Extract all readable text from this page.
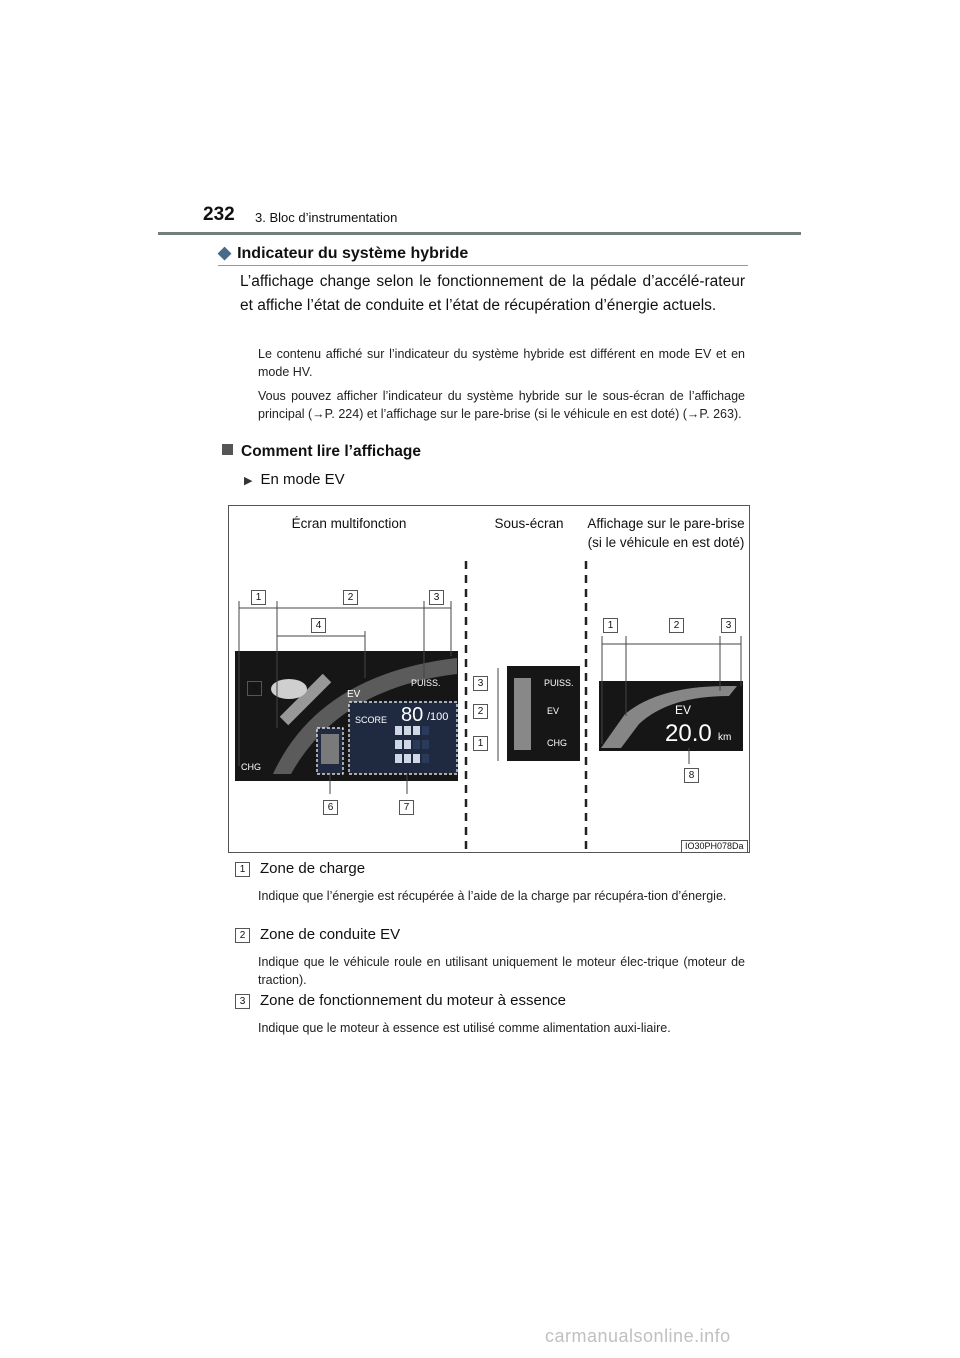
232 3. Bloc d’instrumentation
◆ Indicateur du système hybride
L’affichage change selon le fonctionnement de la pédale d’accélé-rateur et affiche l’état de conduite et l’état de récupération d’énergie actuels.
Le contenu affiché sur l’indicateur du système hybride est différent en mode EV et en mode HV.
Vous pouvez afficher l’indicateur du système hybride sur le sous-écran de l’affichage principal (→P. 224) et l’affichage sur le pare-brise (si le véhicule en est doté) (→P. 263).
Comment lire l’affichage
▶ En mode EV
Écran multifonction	Sous-écran	Affichage sur le pare-brise (si le véhicule en est doté)
PUISS.
EV
CHG
SCORE 80 /100
PUISS.
EV
CHG
EV
20.0 km
1	2	3
4
5
6	7
3
2
1
1	2	3
8
IO30PH078Da
1 Zone de charge
Indique que l’énergie est récupérée à l’aide de la charge par récupéra-tion d’énergie.
2 Zone de conduite EV
Indique que le véhicule roule en utilisant uniquement le moteur élec-trique (moteur de traction).
3 Zone de fonctionnement du moteur à essence
Indique que le moteur à essence est utilisé comme alimentation auxi-liaire.
carmanualsonline.info
